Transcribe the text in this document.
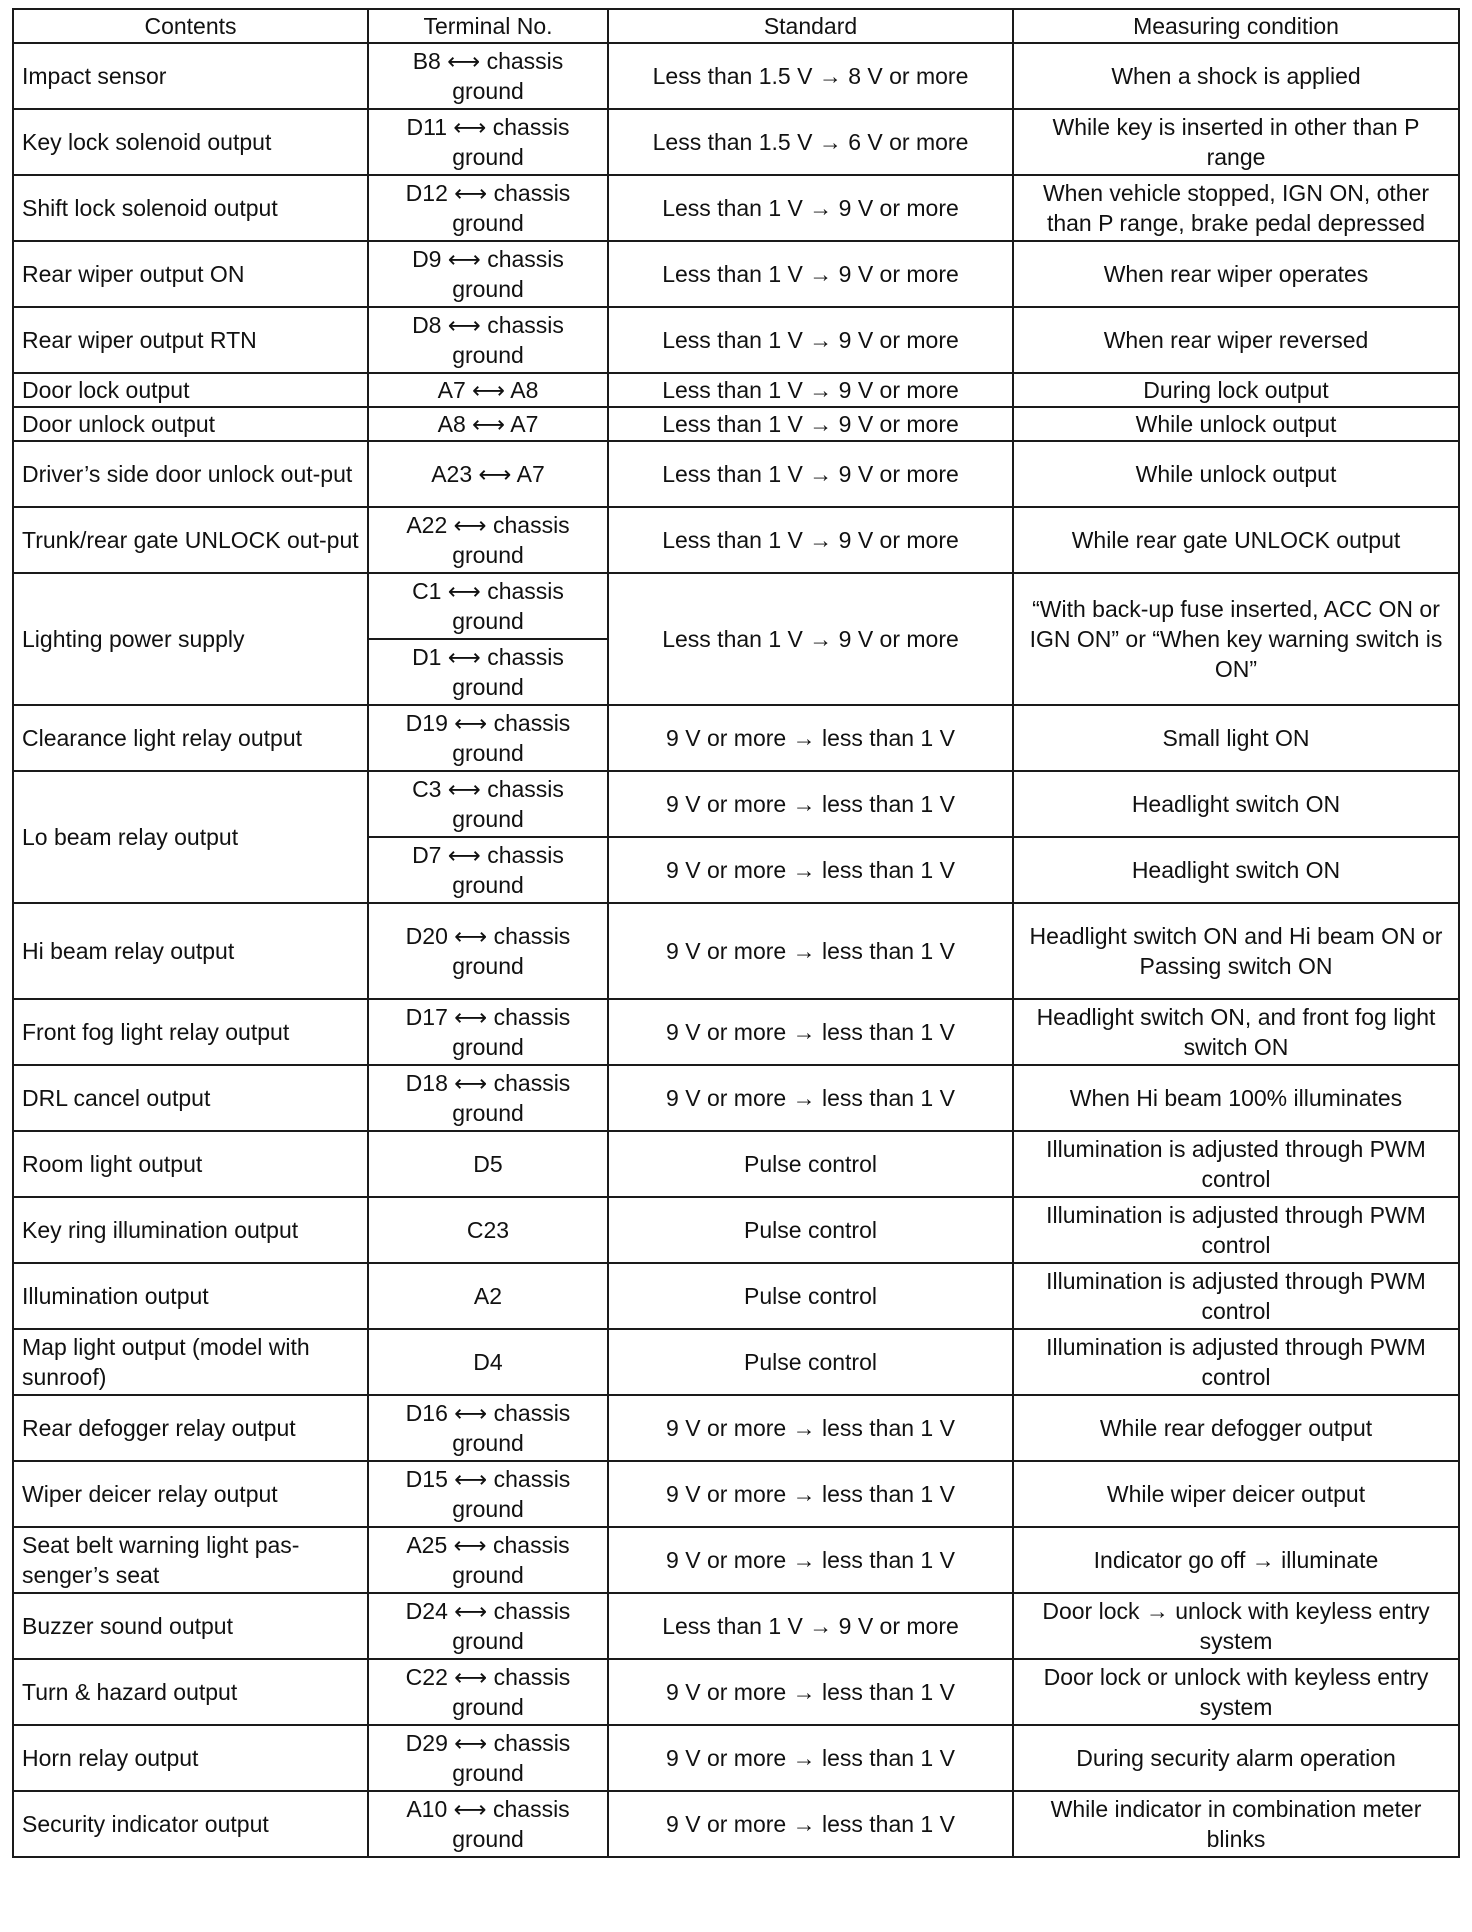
Contents	Terminal No.	Standard	Measuring condition
Impact sensor	B8 ⟷ chassis ground	Less than 1.5 V → 8 V or more	When a shock is applied
Key lock solenoid output	D11 ⟷ chassis ground	Less than 1.5 V → 6 V or more	While key is inserted in other than P range
Shift lock solenoid output	D12 ⟷ chassis ground	Less than 1 V → 9 V or more	When vehicle stopped, IGN ON, other than P range, brake pedal depressed
Rear wiper output ON	D9 ⟷ chassis ground	Less than 1 V → 9 V or more	When rear wiper operates
Rear wiper output RTN	D8 ⟷ chassis ground	Less than 1 V → 9 V or more	When rear wiper reversed
Door lock output	A7 ⟷ A8	Less than 1 V → 9 V or more	During lock output
Door unlock output	A8 ⟷ A7	Less than 1 V → 9 V or more	While unlock output
Driver’s side door unlock out-put	A23 ⟷ A7	Less than 1 V → 9 V or more	While unlock output
Trunk/rear gate UNLOCK out-put	A22 ⟷ chassis ground	Less than 1 V → 9 V or more	While rear gate UNLOCK output
Lighting power supply	C1 ⟷ chassis ground	Less than 1 V → 9 V or more	“With back-up fuse inserted, ACC ON or IGN ON” or “When key warning switch is ON”
	D1 ⟷ chassis ground		
Clearance light relay output	D19 ⟷ chassis ground	9 V or more → less than 1 V	Small light ON
Lo beam relay output	C3 ⟷ chassis ground	9 V or more → less than 1 V	Headlight switch ON
	D7 ⟷ chassis ground	9 V or more → less than 1 V	Headlight switch ON
Hi beam relay output	D20 ⟷ chassis ground	9 V or more → less than 1 V	Headlight switch ON and Hi beam ON or Passing switch ON
Front fog light relay output	D17 ⟷ chassis ground	9 V or more → less than 1 V	Headlight switch ON, and front fog light switch ON
DRL cancel output	D18 ⟷ chassis ground	9 V or more → less than 1 V	When Hi beam 100% illuminates
Room light output	D5	Pulse control	Illumination is adjusted through PWM control
Key ring illumination output	C23	Pulse control	Illumination is adjusted through PWM control
Illumination output	A2	Pulse control	Illumination is adjusted through PWM control
Map light output (model with sunroof)	D4	Pulse control	Illumination is adjusted through PWM control
Rear defogger relay output	D16 ⟷ chassis ground	9 V or more → less than 1 V	While rear defogger output
Wiper deicer relay output	D15 ⟷ chassis ground	9 V or more → less than 1 V	While wiper deicer output
Seat belt warning light pas-senger’s seat	A25 ⟷ chassis ground	9 V or more → less than 1 V	Indicator go off → illuminate
Buzzer sound output	D24 ⟷ chassis ground	Less than 1 V → 9 V or more	Door lock → unlock with keyless entry system
Turn & hazard output	C22 ⟷ chassis ground	9 V or more → less than 1 V	Door lock or unlock with keyless entry system
Horn relay output	D29 ⟷ chassis ground	9 V or more → less than 1 V	During security alarm operation
Security indicator output	A10 ⟷ chassis ground	9 V or more → less than 1 V	While indicator in combination meter blinks
